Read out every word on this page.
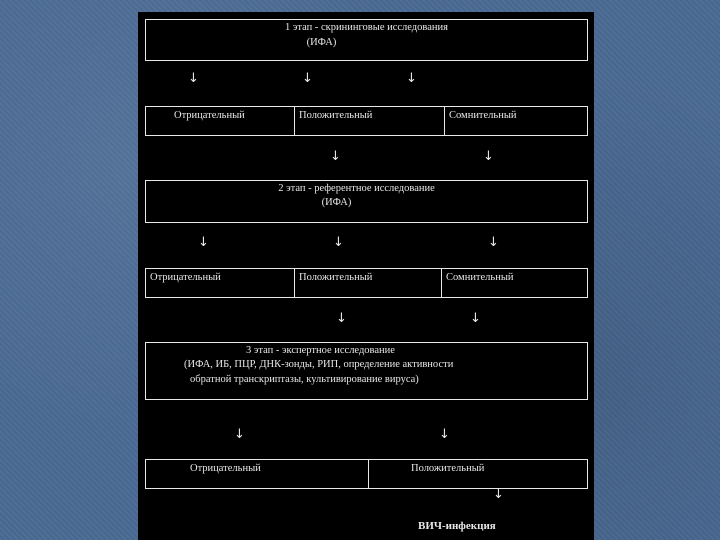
1 этап - скрининговые исследования
(ИФА)
↓	↓	↓
Отрицательный	Положительный	Сомнительный
↓	↓
2 этап - референтное исследование
(ИФА)
↓	↓	↓
Отрицательный	Положительный	Сомнительный
↓	↓
3 этап - экспертное исследование
(ИФА, ИБ, ПЦР, ДНК-зонды, РИП, определение активности
обратной транскриптазы, культивирование вируса)
↓	↓
Отрицательный	Положительный
↓
ВИЧ-инфекция
